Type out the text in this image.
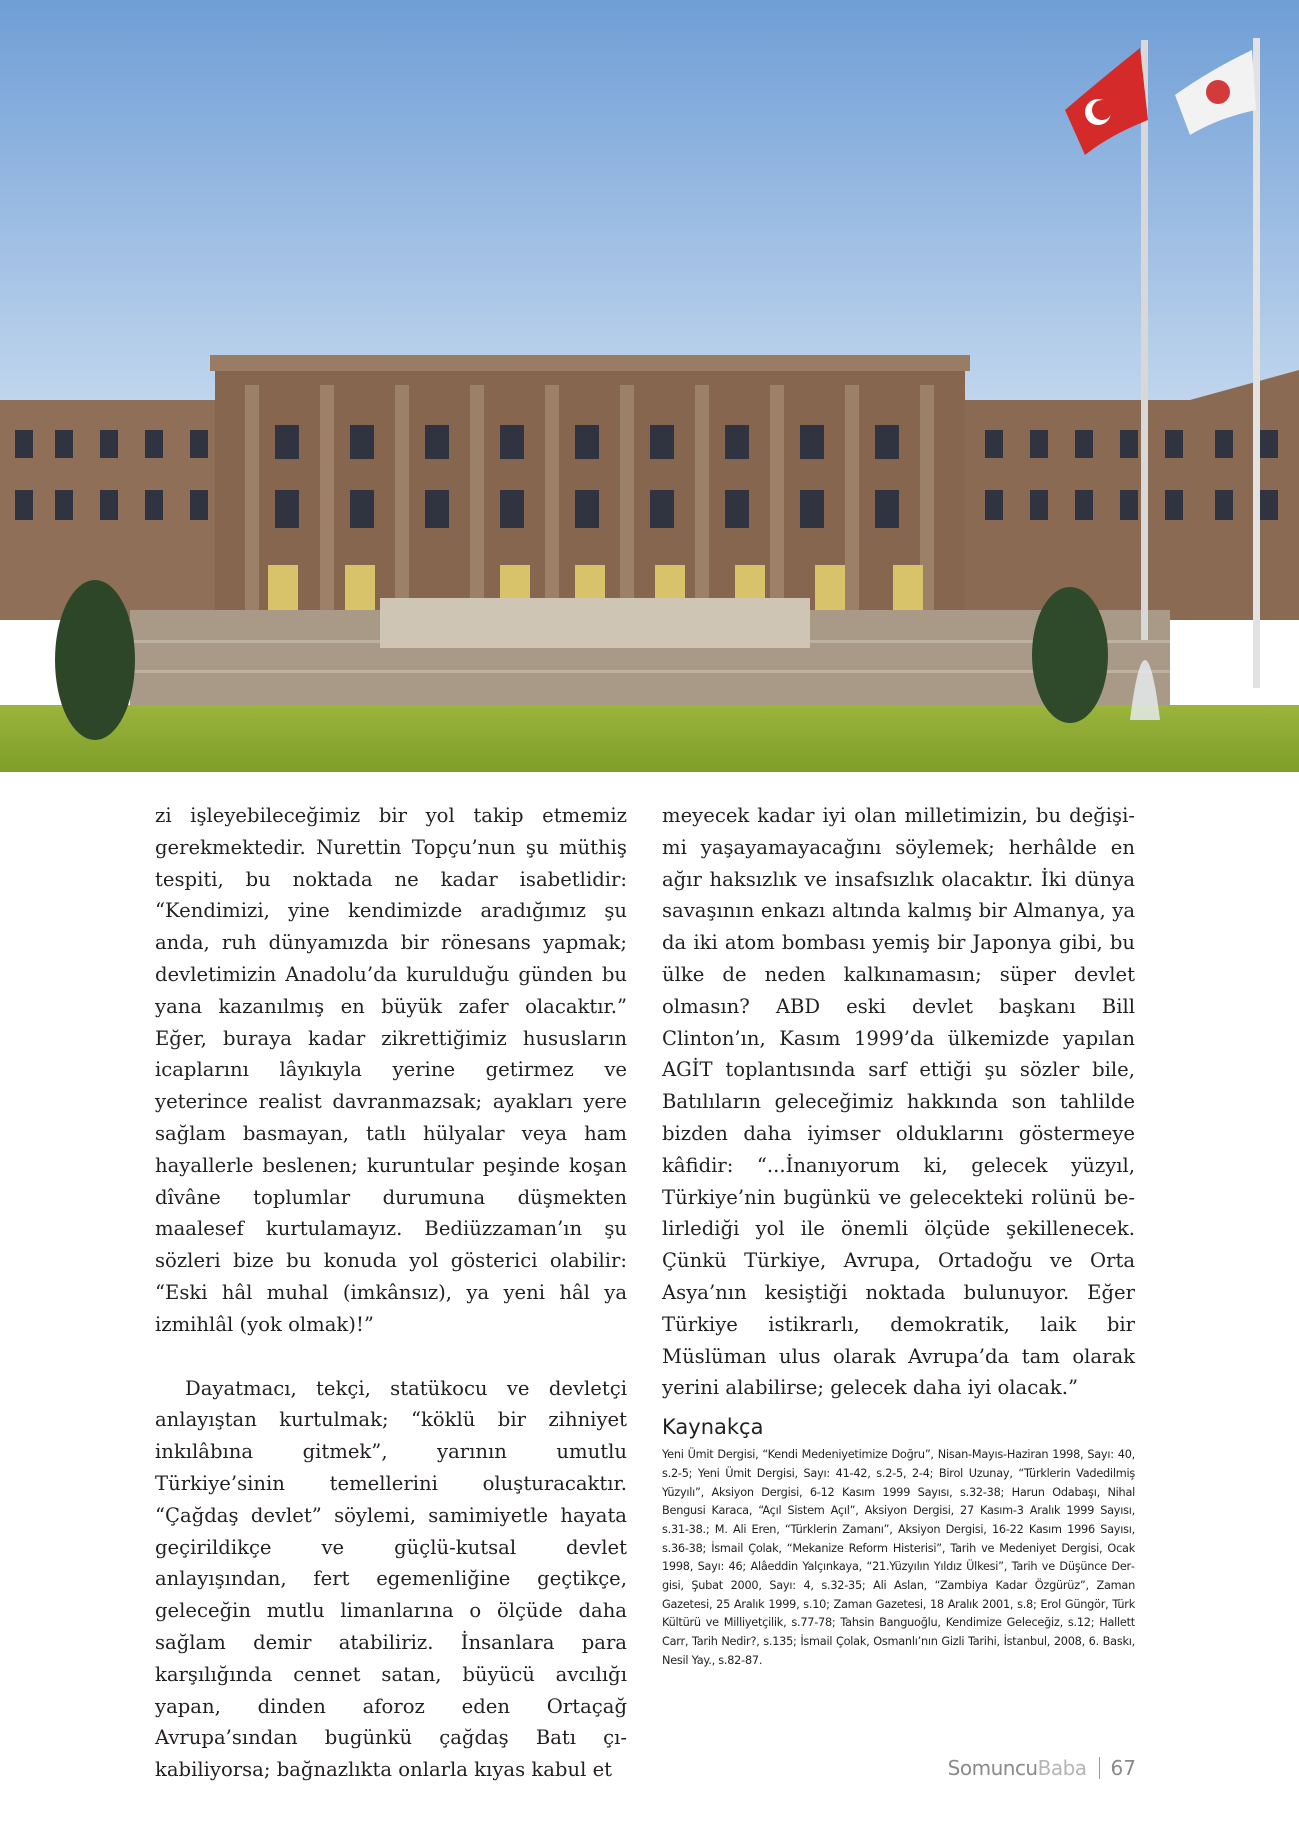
zi işleyebileceğimiz bir yol takip etmemiz gerekmektedir. Nurettin Topçu’nun şu müthiş tespiti, bu noktada ne kadar isabetlidir: “Kendimizi, yine kendimizde aradığımız şu anda, ruh dünyamızda bir rönesans yapmak; devletimizin Anadolu’da kurulduğu günden bu yana kazanılmış en büyük zafer olacaktır.” Eğer, buraya kadar zikrettiğimiz hususların icaplarını lâyıkıyla yerine getirmez ve yeterince realist davranmazsak; ayakları yere sağlam basmayan, tatlı hülyalar veya ham hayallerle beslenen; kuruntular peşinde koşan dîvâne toplumlar durumuna düşmekten maalesef kurtulamayız. Bediüzzaman’ın şu sözleri bize bu konuda yol gösterici olabilir: “Eski hâl muhal (imkânsız), ya yeni hâl ya izmihlâl (yok olmak)!”

Dayatmacı, tekçi, statükocu ve devletçi anlayıştan kurtulmak; “köklü bir zihniyet inkılâbına gitmek”, yarının umutlu Türkiye’sinin temellerini oluşturacaktır. “Çağdaş devlet” söylemi, samimiyetle hayata geçirildikçe ve güçlü-kutsal devlet anlayışından, fert egemenliğine geçtikçe, geleceğin mutlu limanlarına o ölçüde daha sağlam demir atabiliriz. İnsanlara para karşılığında cennet satan, büyücü avcılığı yapan, dinden aforoz eden Ortaçağ Avrupa’sından bugünkü çağdaş Batı çıkabiliyorsa; bağnazlıkta onlarla kıyas kabul et

meyecek kadar iyi olan milletimizin, bu değişimi yaşayamayacağını söylemek; herhâlde en ağır haksızlık ve insafsızlık olacaktır. İki dünya savaşının enkazı altında kalmış bir Almanya, ya da iki atom bombası yemiş bir Japonya gibi, bu ülke de neden kalkınamasın; süper devlet olmasın? ABD eski devlet başkanı Bill Clinton’ın, Kasım 1999’da ülkemizde yapılan AGİT toplantısında sarf ettiği şu sözler bile, Batılıların geleceğimiz hakkında son tahlilde bizden daha iyimser olduklarını göstermeye kâfidir: “...İnanıyorum ki, gelecek yüzyıl, Türkiye’nin bugünkü ve gelecekteki rolünü belirlediği yol ile önemli ölçüde şekillenecek. Çünkü Türkiye, Avrupa, Ortadoğu ve Orta Asya’nın kesiştiği noktada bulunuyor. Eğer Türkiye istikrarlı, demokratik, laik bir Müslüman ulus olarak Avrupa’da tam olarak yerini alabilirse; gelecek daha iyi olacak.”

Kaynakça

Yeni Ümit Dergisi, “Kendi Medeniyetimize Doğru”, Nisan-Mayıs-Haziran 1998, Sayı: 40, s.2-5; Yeni Ümit Dergisi, Sayı: 41-42, s.2-5, 2-4; Birol Uzunay, “Türklerin Vadedilmiş Yüzyılı”, Aksiyon Dergisi, 6-12 Kasım 1999 Sayısı, s.32-38; Harun Odabaşı, Nihal Bengusi Karaca, “Açıl Sistem Açıl”, Aksiyon Dergisi, 27 Kasım-3 Aralık 1999 Sayısı, s.31-38.; M. Ali Eren, “Türklerin Zamanı”, Aksiyon Dergisi, 16-22 Kasım 1996 Sayısı, s.36-38; İsmail Çolak, “Mekanize Reform Histerisi”, Tarih ve Medeniyet Dergisi, Ocak 1998, Sayı: 46; Alâeddin Yalçınkaya, “21.Yüzyılın Yıldız Ülkesi”, Tarih ve Düşünce Dergisi, Şubat 2000, Sayı: 4, s.32-35; Ali Aslan, “Zambiya Kadar Özgürüz”, Zaman Gazetesi, 25 Aralık 1999, s.10; Zaman Gazetesi, 18 Aralık 2001, s.8; Erol Güngör, Türk Kültürü ve Milliyetçilik, s.77-78; Tahsin Banguoğlu, Kendimize Geleceğiz, s.12; Hallett Carr, Tarih Nedir?, s.135; İsmail Çolak, Osmanlı’nın Gizli Tarihi, İstanbul, 2008, 6. Baskı, Nesil Yay., s.82-87.

Somuncu Baba 67
